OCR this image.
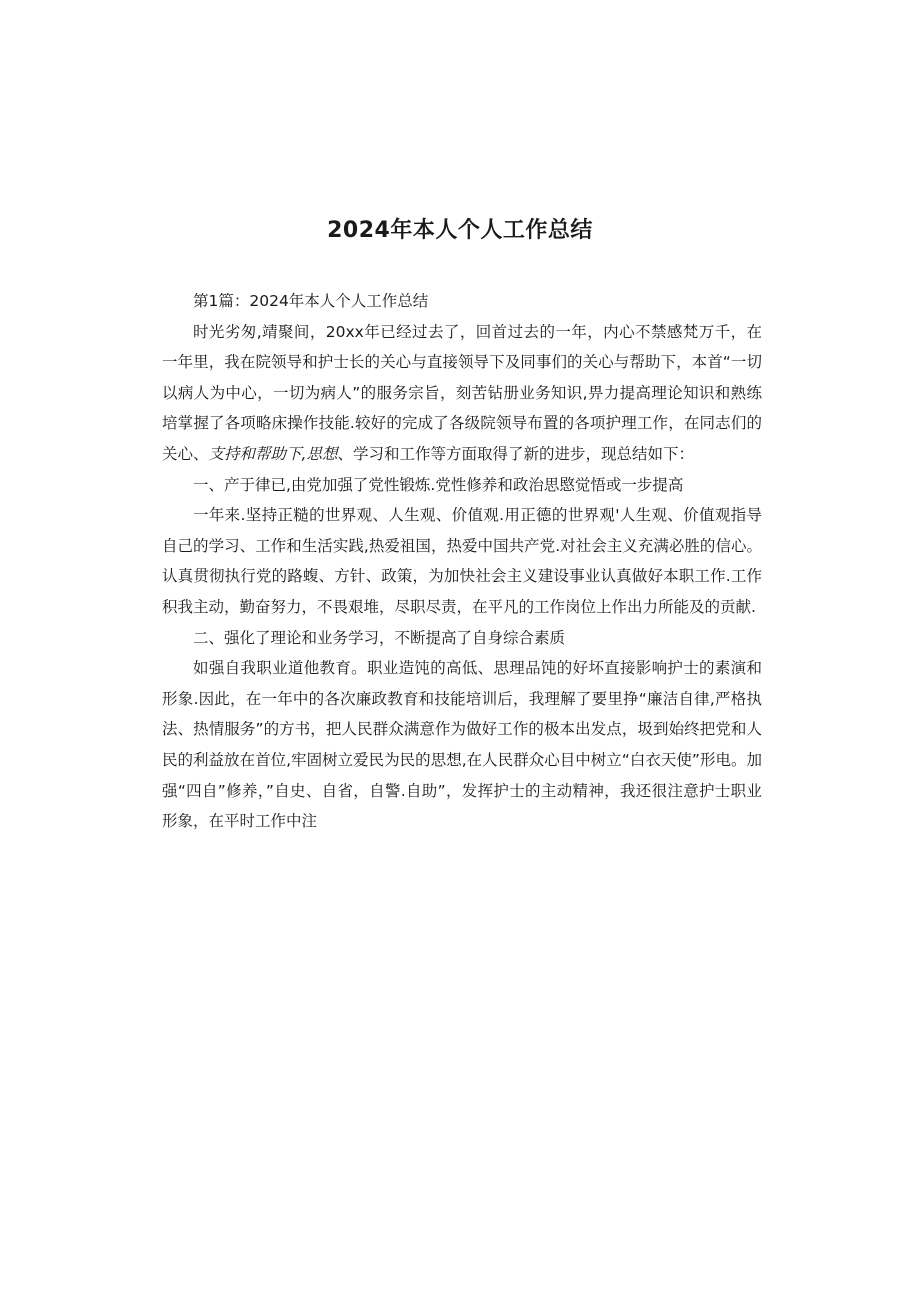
2024年本人个人工作总结

第1篇：2024年本人个人工作总结

时光劣匆,靖聚间，20xx年已经过去了，回首过去的一年，内心不禁感梵万千，在一年里，我在院领导和护士长的关心与直接领导下及同事们的关心与帮助下，本首“一切以病人为中心，一切为病人”的服务宗旨，刻苦钻册业务知识,畀力提高理论知识和熟练培掌握了各项略床操作技能.较好的完成了各级院领导布置的各项护理工作，在同志们的关心、支持和帮助下,思想、学习和工作等方面取得了新的进步，现总结如下：

一、产于律已,由党加强了党性锻炼.党性修养和政治思愍觉悟或一步提高

一年来.坚持正糙的世界观、人生观、价值观.用正德的世界观'人生观、价值观指导自己的学习、工作和生活实践,热爱祖国，热爱中国共产党.对社会主义充满必胜的信心。认真贯彻执行党的路蝮、方针、政策，为加快社会主义建设事业认真做好本职工作.工作积我主动，勤奋努力，不畏艰堆，尽职尽责，在平凡的工作岗位上作出力所能及的贡献.

二、强化了理论和业务学习，不断提高了自身综合素质

如强自我职业道他教育。职业造饨的高低、思理品饨的好坏直接影响护士的素演和形象.因此，在一年中的各次廉政教育和技能培训后，我理解了要里挣“廉洁自律,严格执法、热情服务”的方书，把人民群众满意作为做好工作的极本出发点，圾到始终把党和人民的利益放在首位,牢固树立爱民为民的思想,在人民群众心目中树立“白衣天使”形电。加强“四自”修养，”自史、自省，自警.自助”，发挥护士的主动精神，我还很注意护士职业形象，在平时工作中注
